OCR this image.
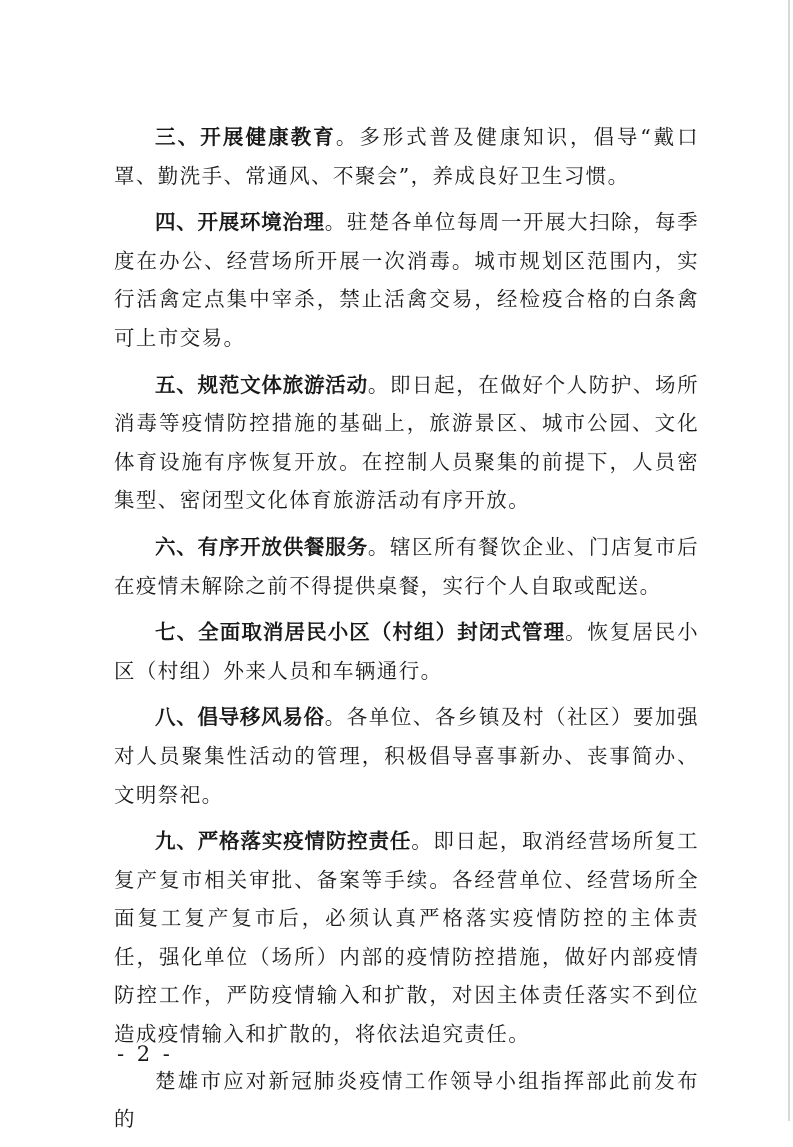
三、开展健康教育。多形式普及健康知识，倡导“戴口罩、勤洗手、常通风、不聚会”，养成良好卫生习惯。

四、开展环境治理。驻楚各单位每周一开展大扫除，每季度在办公、经营场所开展一次消毒。城市规划区范围内，实行活禽定点集中宰杀，禁止活禽交易，经检疫合格的白条禽可上市交易。

五、规范文体旅游活动。即日起，在做好个人防护、场所消毒等疫情防控措施的基础上，旅游景区、城市公园、文化体育设施有序恢复开放。在控制人员聚集的前提下，人员密集型、密闭型文化体育旅游活动有序开放。

六、有序开放供餐服务。辖区所有餐饮企业、门店复市后在疫情未解除之前不得提供桌餐，实行个人自取或配送。

七、全面取消居民小区（村组）封闭式管理。恢复居民小区（村组）外来人员和车辆通行。

八、倡导移风易俗。各单位、各乡镇及村（社区）要加强对人员聚集性活动的管理，积极倡导喜事新办、丧事简办、文明祭祀。

九、严格落实疫情防控责任。即日起，取消经营场所复工复产复市相关审批、备案等手续。各经营单位、经营场所全面复工复产复市后，必须认真严格落实疫情防控的主体责任，强化单位（场所）内部的疫情防控措施，做好内部疫情防控工作，严防疫情输入和扩散，对因主体责任落实不到位造成疫情输入和扩散的，将依法追究责任。

楚雄市应对新冠肺炎疫情工作领导小组指挥部此前发布的

- 2 -
